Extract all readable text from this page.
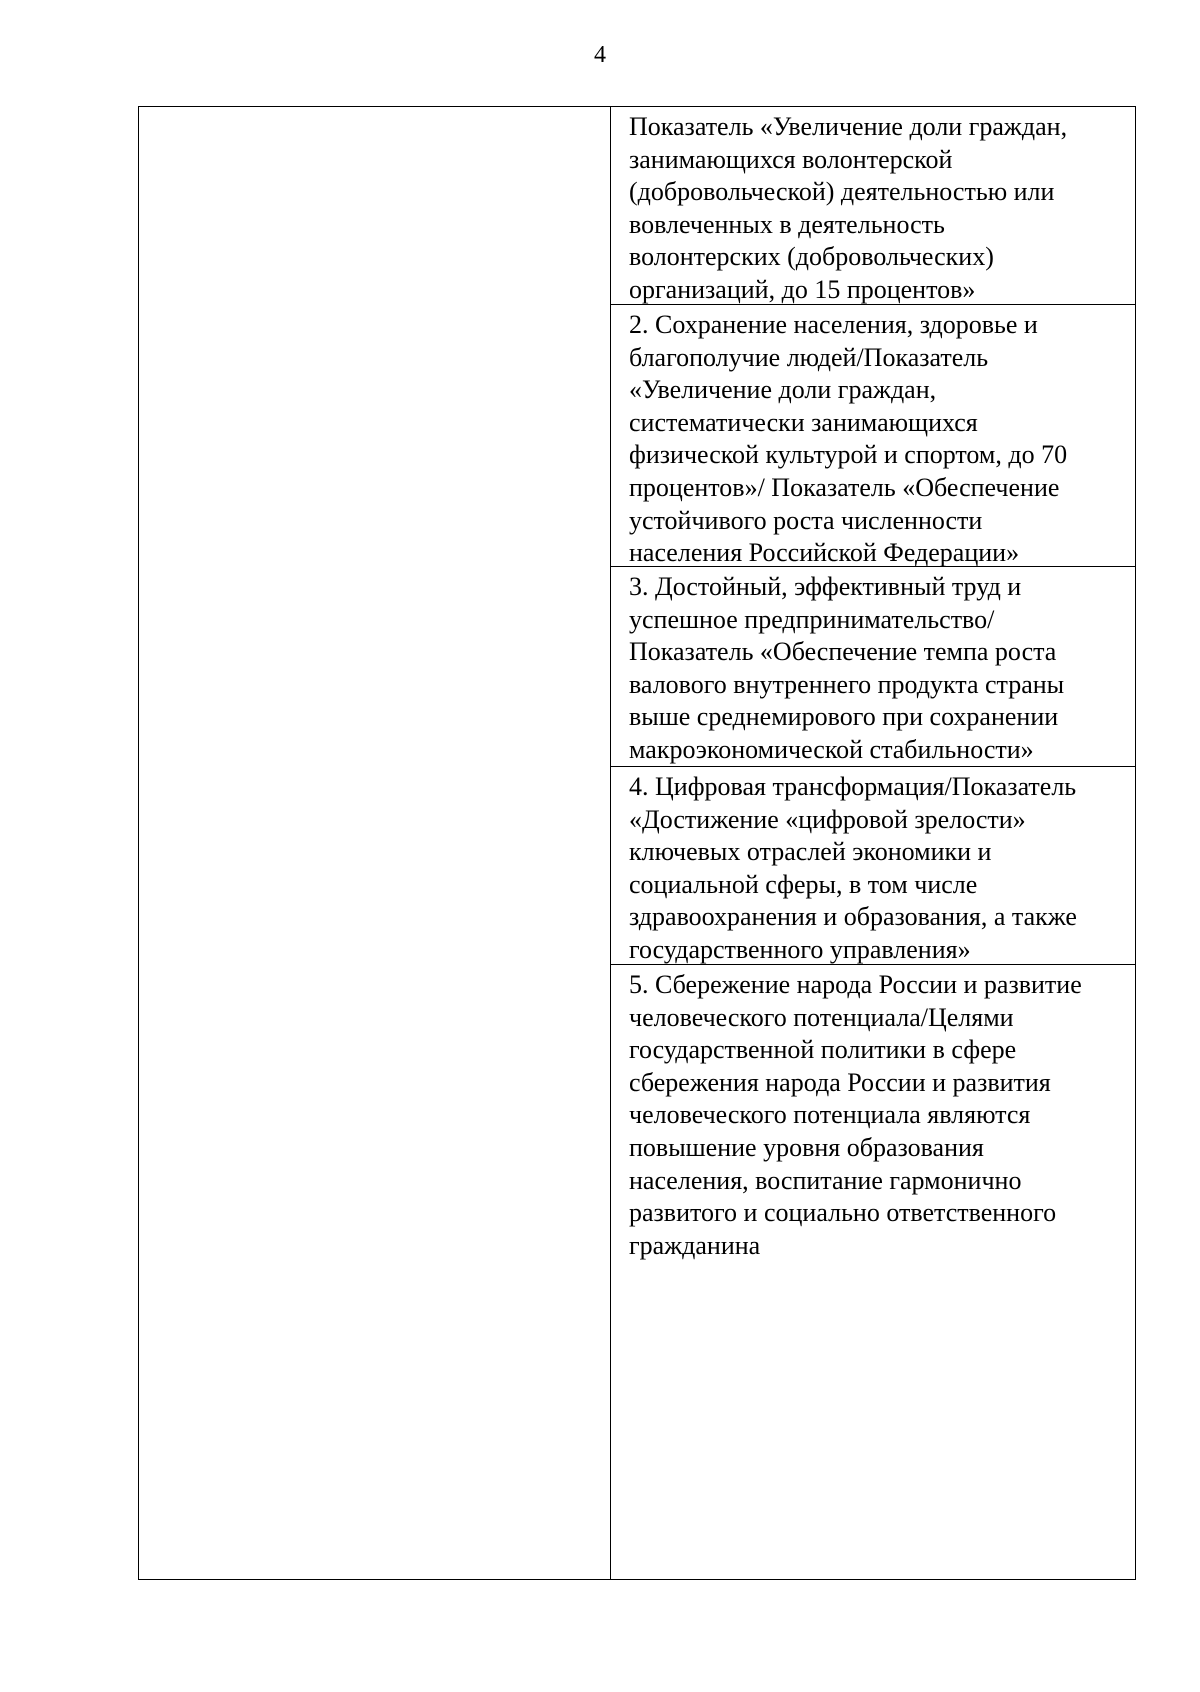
4
Показатель «Увеличение доли граждан,
занимающихся волонтерской
(добровольческой) деятельностью или
вовлеченных в деятельность
волонтерских (добровольческих)
организаций, до 15 процентов»
2. Сохранение населения, здоровье и
благополучие людей/Показатель
«Увеличение доли граждан,
систематически занимающихся
физической культурой и спортом, до 70
процентов»/ Показатель «Обеспечение
устойчивого роста численности
населения Российской Федерации»
3. Достойный, эффективный труд и
успешное предпринимательство/
Показатель «Обеспечение темпа роста
валового внутреннего продукта страны
выше среднемирового при сохранении
макроэкономической стабильности»
4. Цифровая трансформация/Показатель
«Достижение «цифровой зрелости»
ключевых отраслей экономики и
социальной сферы, в том числе
здравоохранения и образования, а также
государственного управления»
5. Сбережение народа России и развитие
человеческого потенциала/Целями
государственной политики в сфере
сбережения народа России и развития
человеческого потенциала являются
повышение уровня образования
населения, воспитание гармонично
развитого и социально ответственного
гражданина
